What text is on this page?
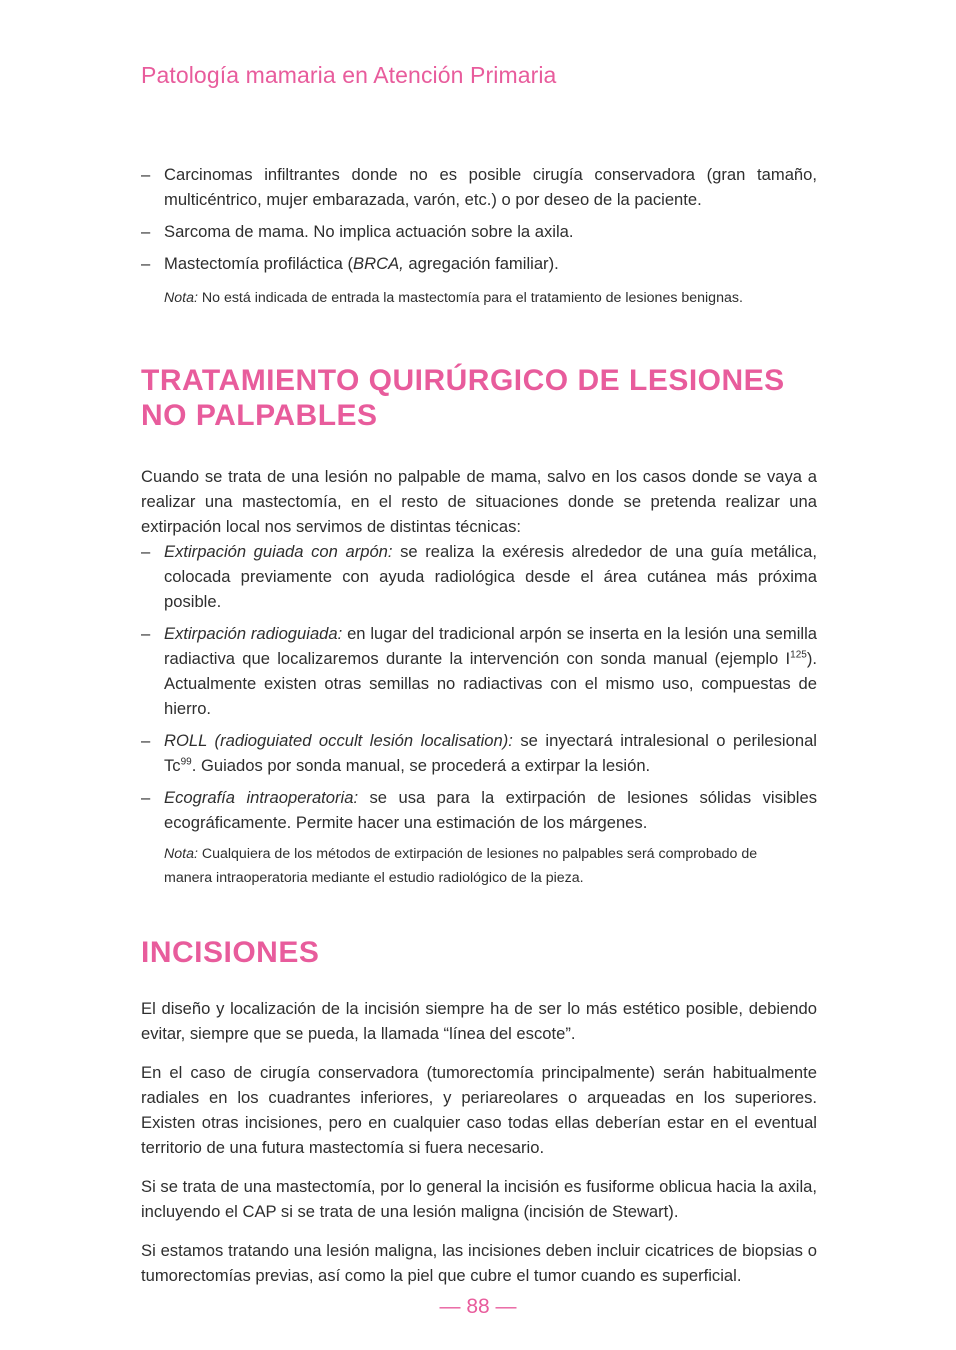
Patología mamaria en Atención Primaria
– Carcinomas infiltrantes donde no es posible cirugía conservadora (gran tamaño, multicéntrico, mujer embarazada, varón, etc.) o por deseo de la paciente.
– Sarcoma de mama. No implica actuación sobre la axila.
– Mastectomía profiláctica (BRCA, agregación familiar).

Nota: No está indicada de entrada la mastectomía para el tratamiento de lesiones benignas.

TRATAMIENTO QUIRÚRGICO DE LESIONES
NO PALPABLES

Cuando se trata de una lesión no palpable de mama, salvo en los casos donde se vaya a realizar una mastectomía, en el resto de situaciones donde se pretenda realizar una extirpación local nos servimos de distintas técnicas:

– Extirpación guiada con arpón: se realiza la exéresis alrededor de una guía metálica, colocada previamente con ayuda radiológica desde el área cutánea más próxima posible.
– Extirpación radioguiada: en lugar del tradicional arpón se inserta en la lesión una semilla radiactiva que localizaremos durante la intervención con sonda manual (ejemplo $I^{125}$). Actualmente existen otras semillas no radiactivas con el mismo uso, compuestas de hierro.
– ROLL (radioguiated occult lesión localisation): se inyectará intralesional o perilesional Tc$^{99}$. Guiados por sonda manual, se procederá a extirpar la lesión.
– Ecografía intraoperatoria: se usa para la extirpación de lesiones sólidas visibles ecográficamente. Permite hacer una estimación de los márgenes.

Nota: Cualquiera de los métodos de extirpación de lesiones no palpables será comprobado de manera intraoperatoria mediante el estudio radiológico de la pieza.

INCISIONES

El diseño y localización de la incisión siempre ha de ser lo más estético posible, debiendo evitar, siempre que se pueda, la llamada “línea del escote”.

En el caso de cirugía conservadora (tumorectomía principalmente) serán habitualmente radiales en los cuadrantes inferiores, y periareolares o arqueadas en los superiores. Existen otras incisiones, pero en cualquier caso todas ellas deberían estar en el eventual territorio de una futura mastectomía si fuera necesario.

Si se trata de una mastectomía, por lo general la incisión es fusiforme oblicua hacia la axila, incluyendo el CAP si se trata de una lesión maligna (incisión de Stewart).

Si estamos tratando una lesión maligna, las incisiones deben incluir cicatrices de biopsias o tumorectomías previas, así como la piel que cubre el tumor cuando es superficial.

— 88 —
